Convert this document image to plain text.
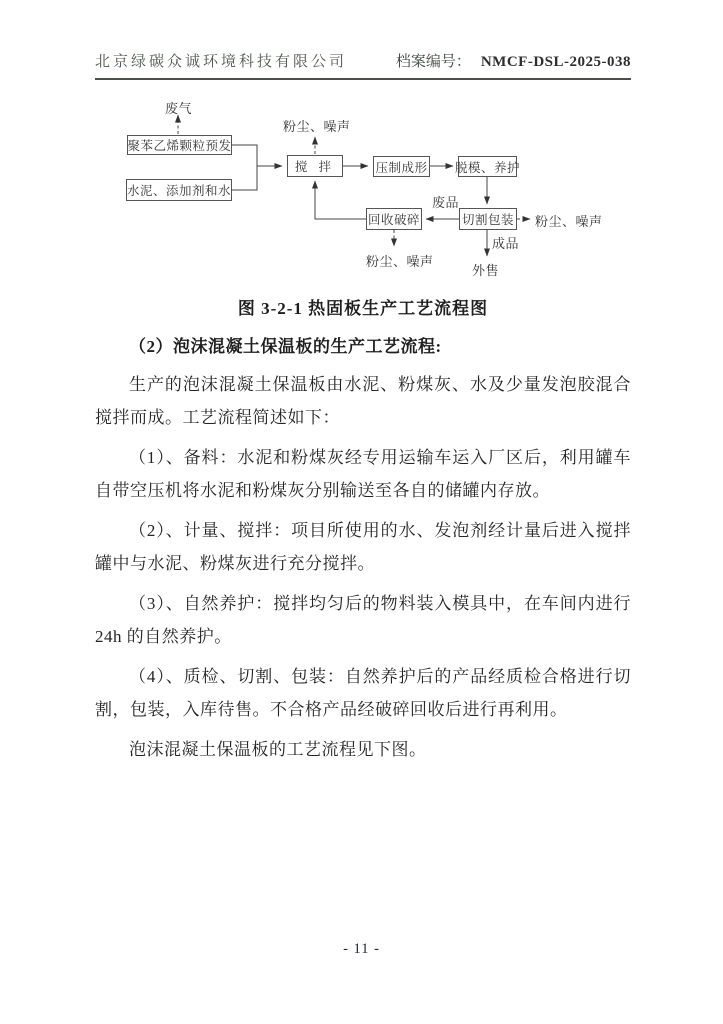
北京绿碳众诚环境科技有限公司	档案编号： NMCF-DSL-2025-038
聚苯乙烯颗粒预发
水泥、添加剂和水
搅 拌	压制成形 脱模、养护
切割包装
回收破碎
废气
粉尘、噪声
废品
粉尘、噪声
成品
粉尘、噪声
外售
图 3-2-1 热固板生产工艺流程图
（2）泡沫混凝土保温板的生产工艺流程:

生产的泡沫混凝土保温板由水泥、粉煤灰、水及少量发泡胶混合搅拌而成。工艺流程简述如下：

（1）、备料：水泥和粉煤灰经专用运输车运入厂区后，利用罐车自带空压机将水泥和粉煤灰分别输送至各自的储罐内存放。

（2）、计量、搅拌：项目所使用的水、发泡剂经计量后进入搅拌罐中与水泥、粉煤灰进行充分搅拌。

（3）、自然养护：搅拌均匀后的物料装入模具中，在车间内进行 24h 的自然养护。

（4）、质检、切割、包装：自然养护后的产品经质检合格进行切割，包装，入库待售。不合格产品经破碎回收后进行再利用。

泡沫混凝土保温板的工艺流程见下图。

- 11 -
